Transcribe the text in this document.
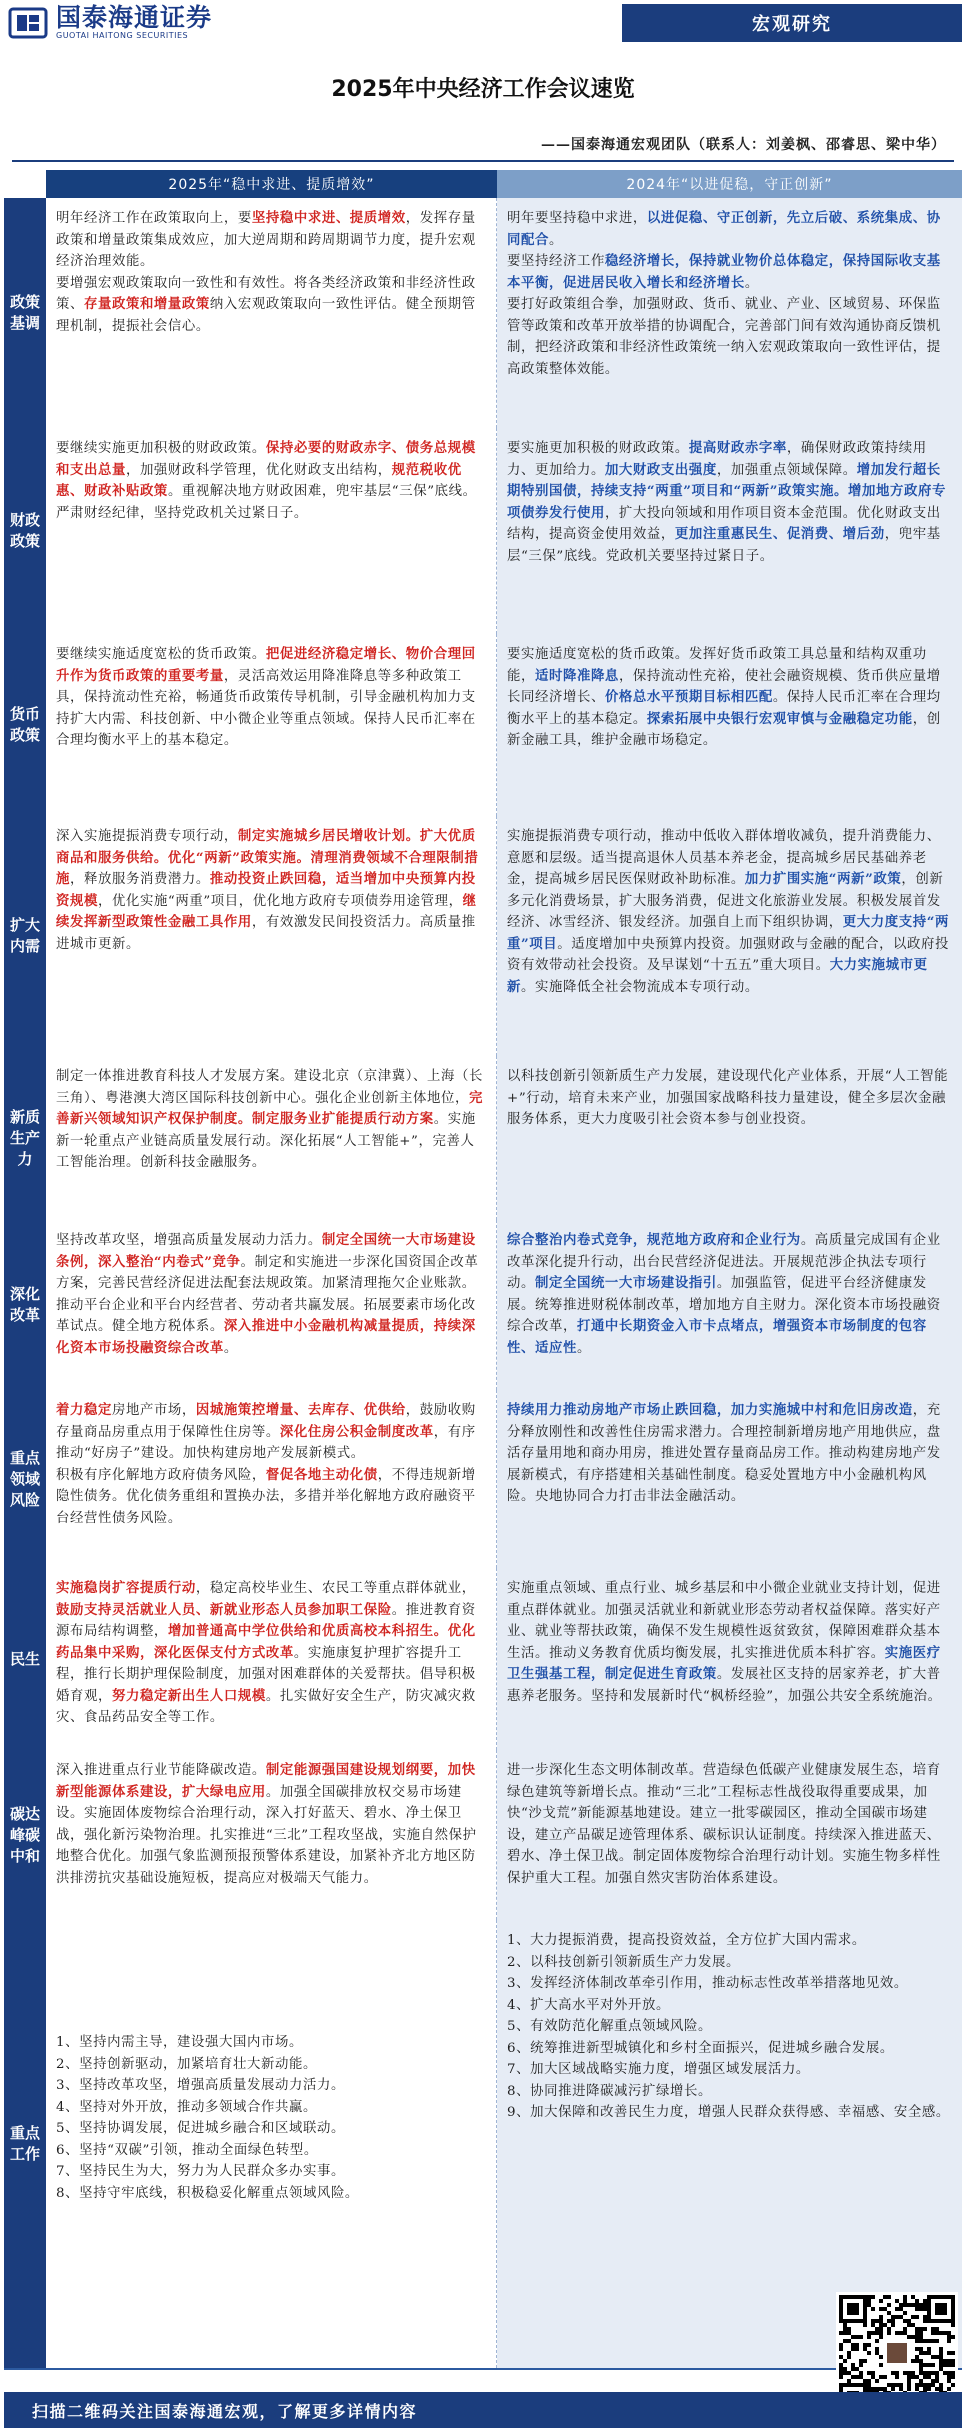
国泰海通证券
GUOTAI HAITONG SECURITIES
宏观研究
2025年中央经济工作会议速览
——国泰海通宏观团队（联系人：刘姜枫、邵睿思、梁中华）
2025年“稳中求进、提质增效”	2024年“以进促稳，守正创新”
政策基调
明年经济工作在政策取向上，要坚持稳中求进、提质增效，发挥存量政策和增量政策集成效应，加大逆周期和跨周期调节力度，提升宏观经济治理效能。
要增强宏观政策取向一致性和有效性。将各类经济政策和非经济性政策、存量政策和增量政策纳入宏观政策取向一致性评估。健全预期管理机制，提振社会信心。
明年要坚持稳中求进，以进促稳、守正创新，先立后破、系统集成、协同配合。
要坚持经济工作稳经济增长，保持就业物价总体稳定，保持国际收支基本平衡，促进居民收入增长和经济增长。
要打好政策组合拳，加强财政、货币、就业、产业、区域贸易、环保监管等政策和改革开放举措的协调配合，完善部门间有效沟通协商反馈机制，把经济政策和非经济性政策统一纳入宏观政策取向一致性评估，提高政策整体效能。
财政政策
要继续实施更加积极的财政政策。保持必要的财政赤字、债务总规模和支出总量，加强财政科学管理，优化财政支出结构，规范税收优惠、财政补贴政策。重视解决地方财政困难，兜牢基层“三保”底线。严肃财经纪律，坚持党政机关过紧日子。
要实施更加积极的财政政策。提高财政赤字率，确保财政政策持续用力、更加给力。加大财政支出强度，加强重点领域保障。增加发行超长期特别国债，持续支持“两重”项目和“两新”政策实施。增加地方政府专项债券发行使用，扩大投向领域和用作项目资本金范围。优化财政支出结构，提高资金使用效益，更加注重惠民生、促消费、增后劲，兜牢基层“三保”底线。党政机关要坚持过紧日子。
货币政策
要继续实施适度宽松的货币政策。把促进经济稳定增长、物价合理回升作为货币政策的重要考量，灵活高效运用降准降息等多种政策工具，保持流动性充裕，畅通货币政策传导机制，引导金融机构加力支持扩大内需、科技创新、中小微企业等重点领域。保持人民币汇率在合理均衡水平上的基本稳定。
要实施适度宽松的货币政策。发挥好货币政策工具总量和结构双重功能，适时降准降息，保持流动性充裕，使社会融资规模、货币供应量增长同经济增长、价格总水平预期目标相匹配。保持人民币汇率在合理均衡水平上的基本稳定。探索拓展中央银行宏观审慎与金融稳定功能，创新金融工具，维护金融市场稳定。
扩大内需
深入实施提振消费专项行动，制定实施城乡居民增收计划。扩大优质商品和服务供给。优化“两新”政策实施。清理消费领域不合理限制措施，释放服务消费潜力。推动投资止跌回稳，适当增加中央预算内投资规模，优化实施“两重”项目，优化地方政府专项债券用途管理，继续发挥新型政策性金融工具作用，有效激发民间投资活力。高质量推进城市更新。
实施提振消费专项行动，推动中低收入群体增收减负，提升消费能力、意愿和层级。适当提高退休人员基本养老金，提高城乡居民基础养老金，提高城乡居民医保财政补助标准。加力扩围实施“两新”政策，创新多元化消费场景，扩大服务消费，促进文化旅游业发展。积极发展首发经济、冰雪经济、银发经济。加强自上而下组织协调，更大力度支持“两重”项目。适度增加中央预算内投资。加强财政与金融的配合，以政府投资有效带动社会投资。及早谋划“十五五”重大项目。大力实施城市更新。实施降低全社会物流成本专项行动。
新质生产力
制定一体推进教育科技人才发展方案。建设北京（京津冀）、上海（长三角）、粤港澳大湾区国际科技创新中心。强化企业创新主体地位，完善新兴领域知识产权保护制度。制定服务业扩能提质行动方案。实施新一轮重点产业链高质量发展行动。深化拓展“人工智能+”，完善人工智能治理。创新科技金融服务。
以科技创新引领新质生产力发展，建设现代化产业体系，开展“人工智能+”行动，培育未来产业，加强国家战略科技力量建设，健全多层次金融服务体系，更大力度吸引社会资本参与创业投资。
深化改革
坚持改革攻坚，增强高质量发展动力活力。制定全国统一大市场建设条例，深入整治“内卷式”竞争。制定和实施进一步深化国资国企改革方案，完善民营经济促进法配套法规政策。加紧清理拖欠企业账款。推动平台企业和平台内经营者、劳动者共赢发展。拓展要素市场化改革试点。健全地方税体系。深入推进中小金融机构减量提质，持续深化资本市场投融资综合改革。
综合整治内卷式竞争，规范地方政府和企业行为。高质量完成国有企业改革深化提升行动，出台民营经济促进法。开展规范涉企执法专项行动。制定全国统一大市场建设指引。加强监管，促进平台经济健康发展。统筹推进财税体制改革，增加地方自主财力。深化资本市场投融资综合改革，打通中长期资金入市卡点堵点，增强资本市场制度的包容性、适应性。
重点领域风险
着力稳定房地产市场，因城施策控增量、去库存、优供给，鼓励收购存量商品房重点用于保障性住房等。深化住房公积金制度改革，有序推动“好房子”建设。加快构建房地产发展新模式。
积极有序化解地方政府债务风险，督促各地主动化债，不得违规新增隐性债务。优化债务重组和置换办法，多措并举化解地方政府融资平台经营性债务风险。
持续用力推动房地产市场止跌回稳，加力实施城中村和危旧房改造，充分释放刚性和改善性住房需求潜力。合理控制新增房地产用地供应，盘活存量用地和商办用房，推进处置存量商品房工作。推动构建房地产发展新模式，有序搭建相关基础性制度。稳妥处置地方中小金融机构风险。央地协同合力打击非法金融活动。
民生
实施稳岗扩容提质行动，稳定高校毕业生、农民工等重点群体就业，鼓励支持灵活就业人员、新就业形态人员参加职工保险。推进教育资源布局结构调整，增加普通高中学位供给和优质高校本科招生。优化药品集中采购，深化医保支付方式改革。实施康复护理扩容提升工程，推行长期护理保险制度，加强对困难群体的关爱帮扶。倡导积极婚育观，努力稳定新出生人口规模。扎实做好安全生产，防灾减灾救灾、食品药品安全等工作。
实施重点领域、重点行业、城乡基层和中小微企业就业支持计划，促进重点群体就业。加强灵活就业和新就业形态劳动者权益保障。落实好产业、就业等帮扶政策，确保不发生规模性返贫致贫，保障困难群众基本生活。推动义务教育优质均衡发展，扎实推进优质本科扩容。实施医疗卫生强基工程，制定促进生育政策。发展社区支持的居家养老，扩大普惠养老服务。坚持和发展新时代“枫桥经验”，加强公共安全系统施治。
碳达峰碳中和
深入推进重点行业节能降碳改造。制定能源强国建设规划纲要，加快新型能源体系建设，扩大绿电应用。加强全国碳排放权交易市场建设。实施固体废物综合治理行动，深入打好蓝天、碧水、净土保卫战，强化新污染物治理。扎实推进“三北”工程攻坚战，实施自然保护地整合优化。加强气象监测预报预警体系建设，加紧补齐北方地区防洪排涝抗灾基础设施短板，提高应对极端天气能力。
进一步深化生态文明体制改革。营造绿色低碳产业健康发展生态，培育绿色建筑等新增长点。推动“三北”工程标志性战役取得重要成果，加快“沙戈荒”新能源基地建设。建立一批零碳园区，推动全国碳市场建设，建立产品碳足迹管理体系、碳标识认证制度。持续深入推进蓝天、碧水、净土保卫战。制定固体废物综合治理行动计划。实施生物多样性保护重大工程。加强自然灾害防治体系建设。
重点工作
1、坚持内需主导，建设强大国内市场。
2、坚持创新驱动，加紧培育壮大新动能。
3、坚持改革攻坚，增强高质量发展动力活力。
4、坚持对外开放，推动多领域合作共赢。
5、坚持协调发展，促进城乡融合和区域联动。
6、坚持“双碳”引领，推动全面绿色转型。
7、坚持民生为大，努力为人民群众多办实事。
8、坚持守牢底线，积极稳妥化解重点领域风险。
1、大力提振消费，提高投资效益，全方位扩大国内需求。
2、以科技创新引领新质生产力发展。
3、发挥经济体制改革牵引作用，推动标志性改革举措落地见效。
4、扩大高水平对外开放。
5、有效防范化解重点领域风险。
6、统筹推进新型城镇化和乡村全面振兴，促进城乡融合发展。
7、加大区域战略实施力度，增强区域发展活力。
8、协同推进降碳减污扩绿增长。
9、加大保障和改善民生力度，增强人民群众获得感、幸福感、安全感。
扫描二维码关注国泰海通宏观，了解更多详情内容
